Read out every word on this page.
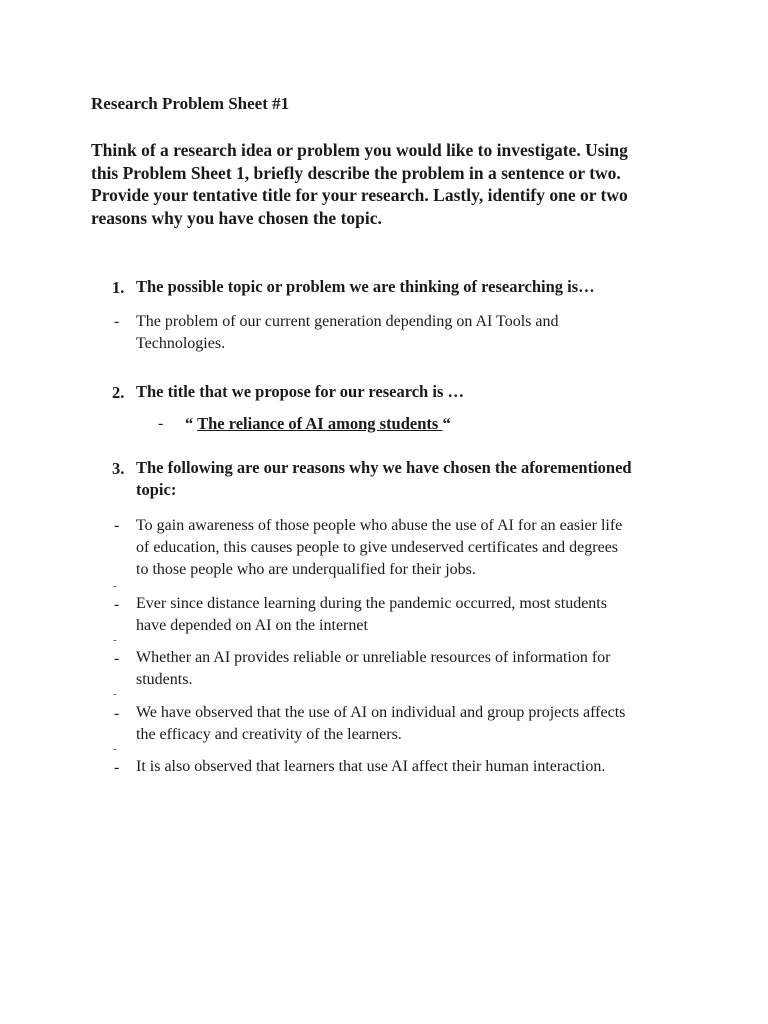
Research Problem Sheet #1

Think of a research idea or problem you would like to investigate. Using
this Problem Sheet 1, briefly describe the problem in a sentence or two.
Provide your tentative title for your research. Lastly, identify one or two
reasons why you have chosen the topic.

1. The possible topic or problem we are thinking of researching is…

- The problem of our current generation depending on AI Tools and
Technologies.

2. The title that we propose for our research is …

- “ The reliance of AI among students “

3. The following are our reasons why we have chosen the aforementioned
topic:

- To gain awareness of those people who abuse the use of AI for an easier life
of education, this causes people to give undeserved certificates and degrees
to those people who are underqualified for their jobs.

-

- Ever since distance learning during the pandemic occurred, most students
have depended on AI on the internet

-

- Whether an AI provides reliable or unreliable resources of information for
students.

-

- We have observed that the use of AI on individual and group projects affects
the efficacy and creativity of the learners.

-

- It is also observed that learners that use AI affect their human interaction.
